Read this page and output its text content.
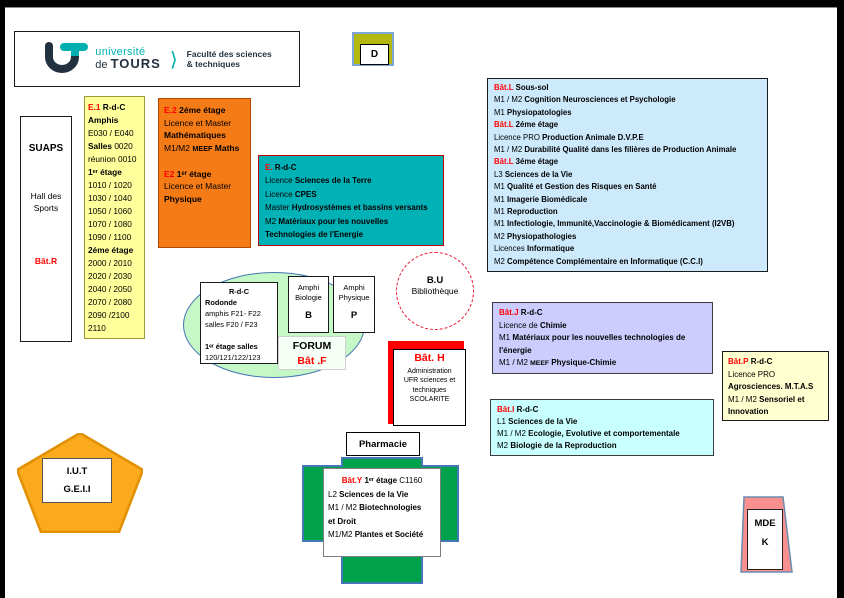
université
de TOURS ⟩ Faculté des sciences
& techniques
D
SUAPS
Hall des
Sports
Bât.R
E.1 R-d-C
Amphis
E030 / E040
Salles 0020
réunion 0010
1ᵉʳ étage
1010 / 1020
1030 / 1040
1050 / 1060
1070 / 1080
1090 / 1100
2éme étage
2000 / 2010
2020 / 2030
2040 / 2050
2070 / 2080
2090 /2100
2110
E.2 2éme étage
Licence et Master
Mathématiques
M1/M2 MEEF Maths

E2 1ᵉʳ étage
Licence et Master
Physique
E. R-d-C
Licence Sciences de la Terre
Licence CPES
Master Hydrosystèmes et bassins versants
M2 Matériaux pour les nouvelles
Technologies de l'Energie
R-d-C
Rodonde
amphis F21- F22
salles F20 / F23

1ᵉʳ étage salles
120/121/122/123
Amphi
Biologie
B
Amphi
Physique
P
FORUM
Bât .F
B.U
Bibliothèque
Bât. H
Administration
UFR sciences et
techniques
SCOLARITE
Bât.L Sous-sol
M1 / M2 Cognition Neurosciences et Psychologie
M1 Physiopatologies
Bât.L 2éme étage
Licence PRO Production Animale D.V.P.E
M1 / M2 Durabilité Qualité dans les filières de Production Animale
Bât.L 3éme étage
L3 Sciences de la Vie
M1 Qualité et Gestion des Risques en Santé
M1 Imagerie Biomédicale
M1 Reproduction
M1 Infectiologie, Immunité,Vaccinologie & Biomédicament (I2VB)
M2 Physiopathologies
Licences Informatique
M2 Compétence Complémentaire en Informatique (C.C.I)
Bât.J R-d-C
Licence de Chimie
M1 Matériaux pour les nouvelles technologies de
l'énergie
M1 / M2 MEEF Physique-Chimie	Bât.P R-d-C
Licence PRO
Agrosciences. M.T.A.S
M1 / M2 Sensoriel et
Innovation
Bât.I R-d-C
L1 Sciences de la Vie
M1 / M2 Ecologie, Evolutive et comportementale
M2 Biologie de la Reproduction
Pharmacie
Bât.Y 1ᵉʳ étage C1160
L2 Sciences de la Vie
M1 / M2 Biotechnologies
et Droit
M1/M2 Plantes et Société
I.U.T
G.E.I.I
MDE
K
